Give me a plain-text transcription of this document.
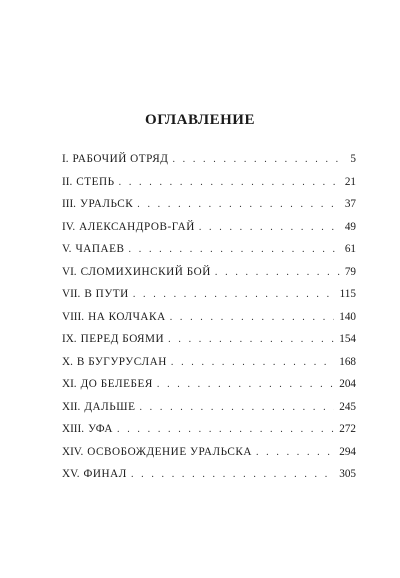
ОГЛАВЛЕНИЕ
I. РАБОЧИЙ ОТРЯД . . .	5
II. СТЕПЬ . . .	21
III. УРАЛЬСК . . .	37
IV. АЛЕКСАНДРОВ-ГАЙ . . .	49
V. ЧАПАЕВ . . .	61
VI. СЛОМИХИНСКИЙ БОЙ . . .	79
VII. В ПУТИ . . .	115
VIII. НА КОЛЧАКА . . .	140
IX. ПЕРЕД БОЯМИ . . .	154
X. В БУГУРУСЛАН . . .	168
XI. ДО БЕЛЕБЕЯ . . .	204
XII. ДАЛЬШЕ . . .	245
XIII. УФА . . .	272
XIV. ОСВОБОЖДЕНИЕ УРАЛЬСКА . . .	294
XV. ФИНАЛ . . .	305
